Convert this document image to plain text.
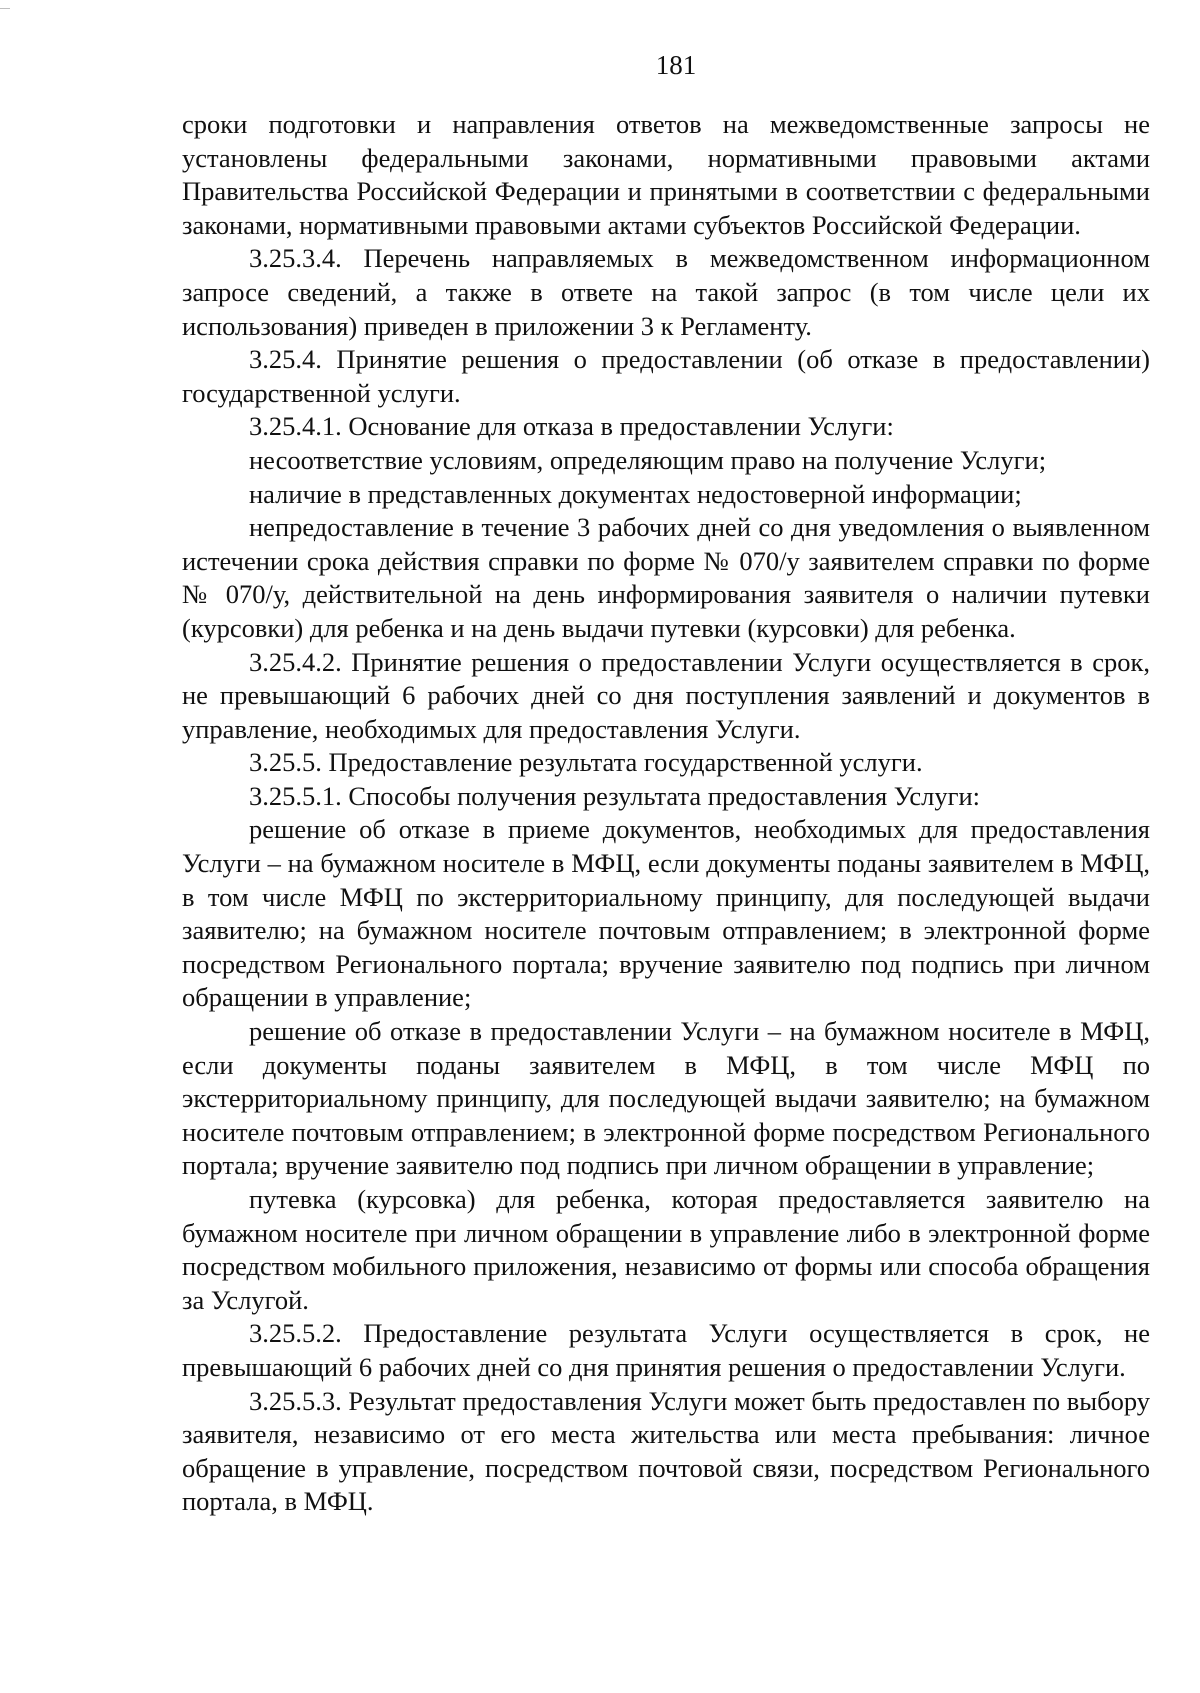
181

сроки подготовки и направления ответов на межведомственные запросы не установлены федеральными законами, нормативными правовыми актами Правительства Российской Федерации и принятыми в соответствии с федеральными законами, нормативными правовыми актами субъектов Российской Федерации.

3.25.3.4. Перечень направляемых в межведомственном информационном запросе сведений, а также в ответе на такой запрос (в том числе цели их использования) приведен в приложении 3 к Регламенту.

3.25.4. Принятие решения о предоставлении (об отказе в предоставлении) государственной услуги.

3.25.4.1. Основание для отказа в предоставлении Услуги:

несоответствие условиям, определяющим право на получение Услуги;

наличие в представленных документах недостоверной информации;

непредоставление в течение 3 рабочих дней со дня уведомления о выявленном истечении срока действия справки по форме № 070/у заявителем справки по форме № 070/у, действительной на день информирования заявителя о наличии путевки (курсовки) для ребенка и на день выдачи путевки (курсовки) для ребенка.

3.25.4.2. Принятие решения о предоставлении Услуги осуществляется в срок, не превышающий 6 рабочих дней со дня поступления заявлений и документов в управление, необходимых для предоставления Услуги.

3.25.5. Предоставление результата государственной услуги.

3.25.5.1. Способы получения результата предоставления Услуги:

решение об отказе в приеме документов, необходимых для предоставления Услуги – на бумажном носителе в МФЦ, если документы поданы заявителем в МФЦ, в том числе МФЦ по экстерриториальному принципу, для последующей выдачи заявителю; на бумажном носителе почтовым отправлением; в электронной форме посредством Регионального портала; вручение заявителю под подпись при личном обращении в управление;

решение об отказе в предоставлении Услуги – на бумажном носителе в МФЦ, если документы поданы заявителем в МФЦ, в том числе МФЦ по экстерриториальному принципу, для последующей выдачи заявителю; на бумажном носителе почтовым отправлением; в электронной форме посредством Регионального портала; вручение заявителю под подпись при личном обращении в управление;

путевка (курсовка) для ребенка, которая предоставляется заявителю на бумажном носителе при личном обращении в управление либо в электронной форме посредством мобильного приложения, независимо от формы или способа обращения за Услугой.

3.25.5.2. Предоставление результата Услуги осуществляется в срок, не превышающий 6 рабочих дней со дня принятия решения о предоставлении Услуги.

3.25.5.3. Результат предоставления Услуги может быть предоставлен по выбору заявителя, независимо от его места жительства или места пребывания: личное обращение в управление, посредством почтовой связи, посредством Регионального портала, в МФЦ.
